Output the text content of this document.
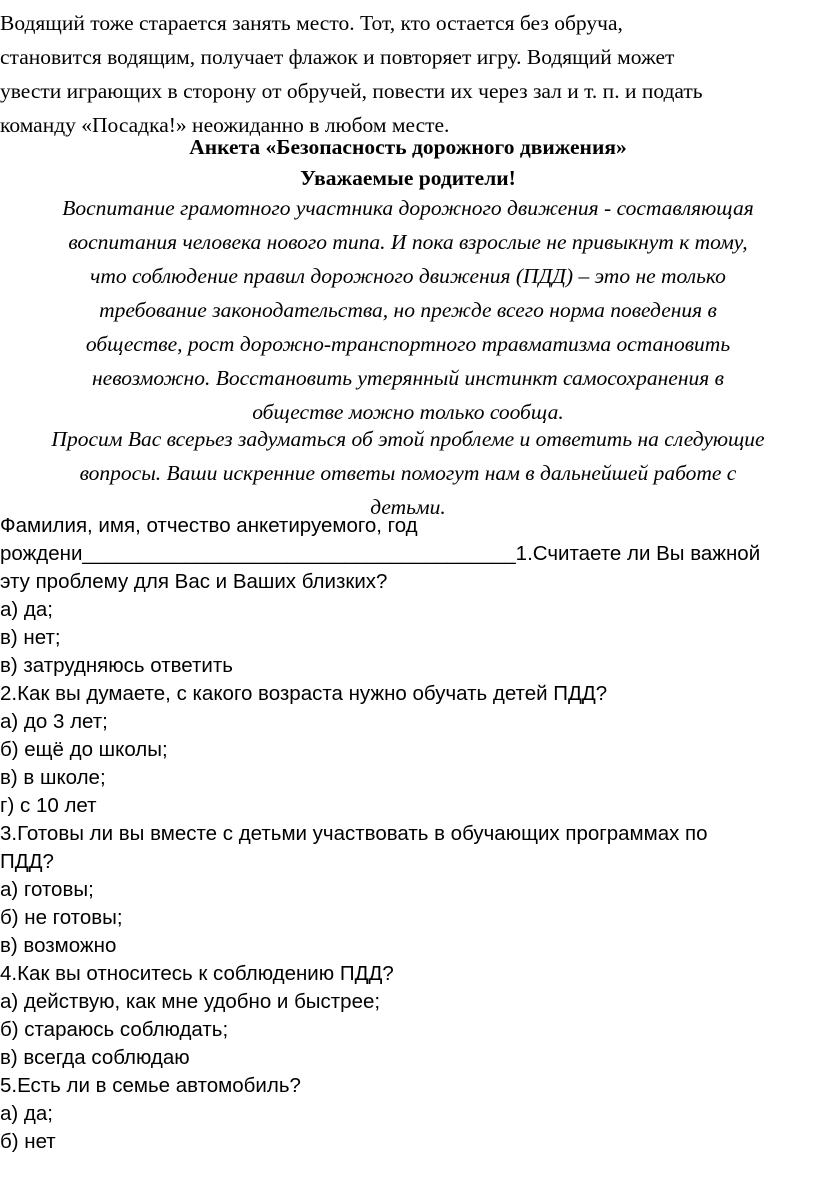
Водящий тоже старается занять место. Тот, кто остается без обруча,
становится водящим, получает флажок и повторяет игру. Водящий может
увести играющих в сторону от обручей, повести их через зал и т. п. и подать
команду «Посадка!» неожиданно в любом месте.
Анкета «Безопасность дорожного движения»
Уважаемые родители!
Воспитание грамотного участника дорожного движения - составляющая
воспитания человека нового типа. И пока взрослые не привыкнут к тому,
что соблюдение правил дорожного движения (ПДД) – это не только
требование законодательства, но прежде всего норма поведения в
обществе, рост дорожно-транспортного травматизма остановить
невозможно. Восстановить утерянный инстинкт самосохранения в
обществе можно только сообща.
Просим Вас всерьез задуматься об этой проблеме и ответить на следующие
вопросы. Ваши искренние ответы помогут нам в дальнейшей работе с
детьми.
Фамилия, имя, отчество анкетируемого, год
рождени______________________________________1.Считаете ли Вы важной
эту проблему для Вас и Ваших близких?
а) да;
в) нет;
в) затрудняюсь ответить
2.Как вы думаете, с какого возраста нужно обучать детей ПДД?
а) до 3 лет;
б) ещё до школы;
в) в школе;
г) с 10 лет
3.Готовы ли вы вместе с детьми участвовать в обучающих программах по
ПДД?
а) готовы;
б) не готовы;
в) возможно
4.Как вы относитесь к соблюдению ПДД?
а) действую, как мне удобно и быстрее;
б) стараюсь соблюдать;
в) всегда соблюдаю
5.Есть ли в семье автомобиль?
а) да;
б) нет
